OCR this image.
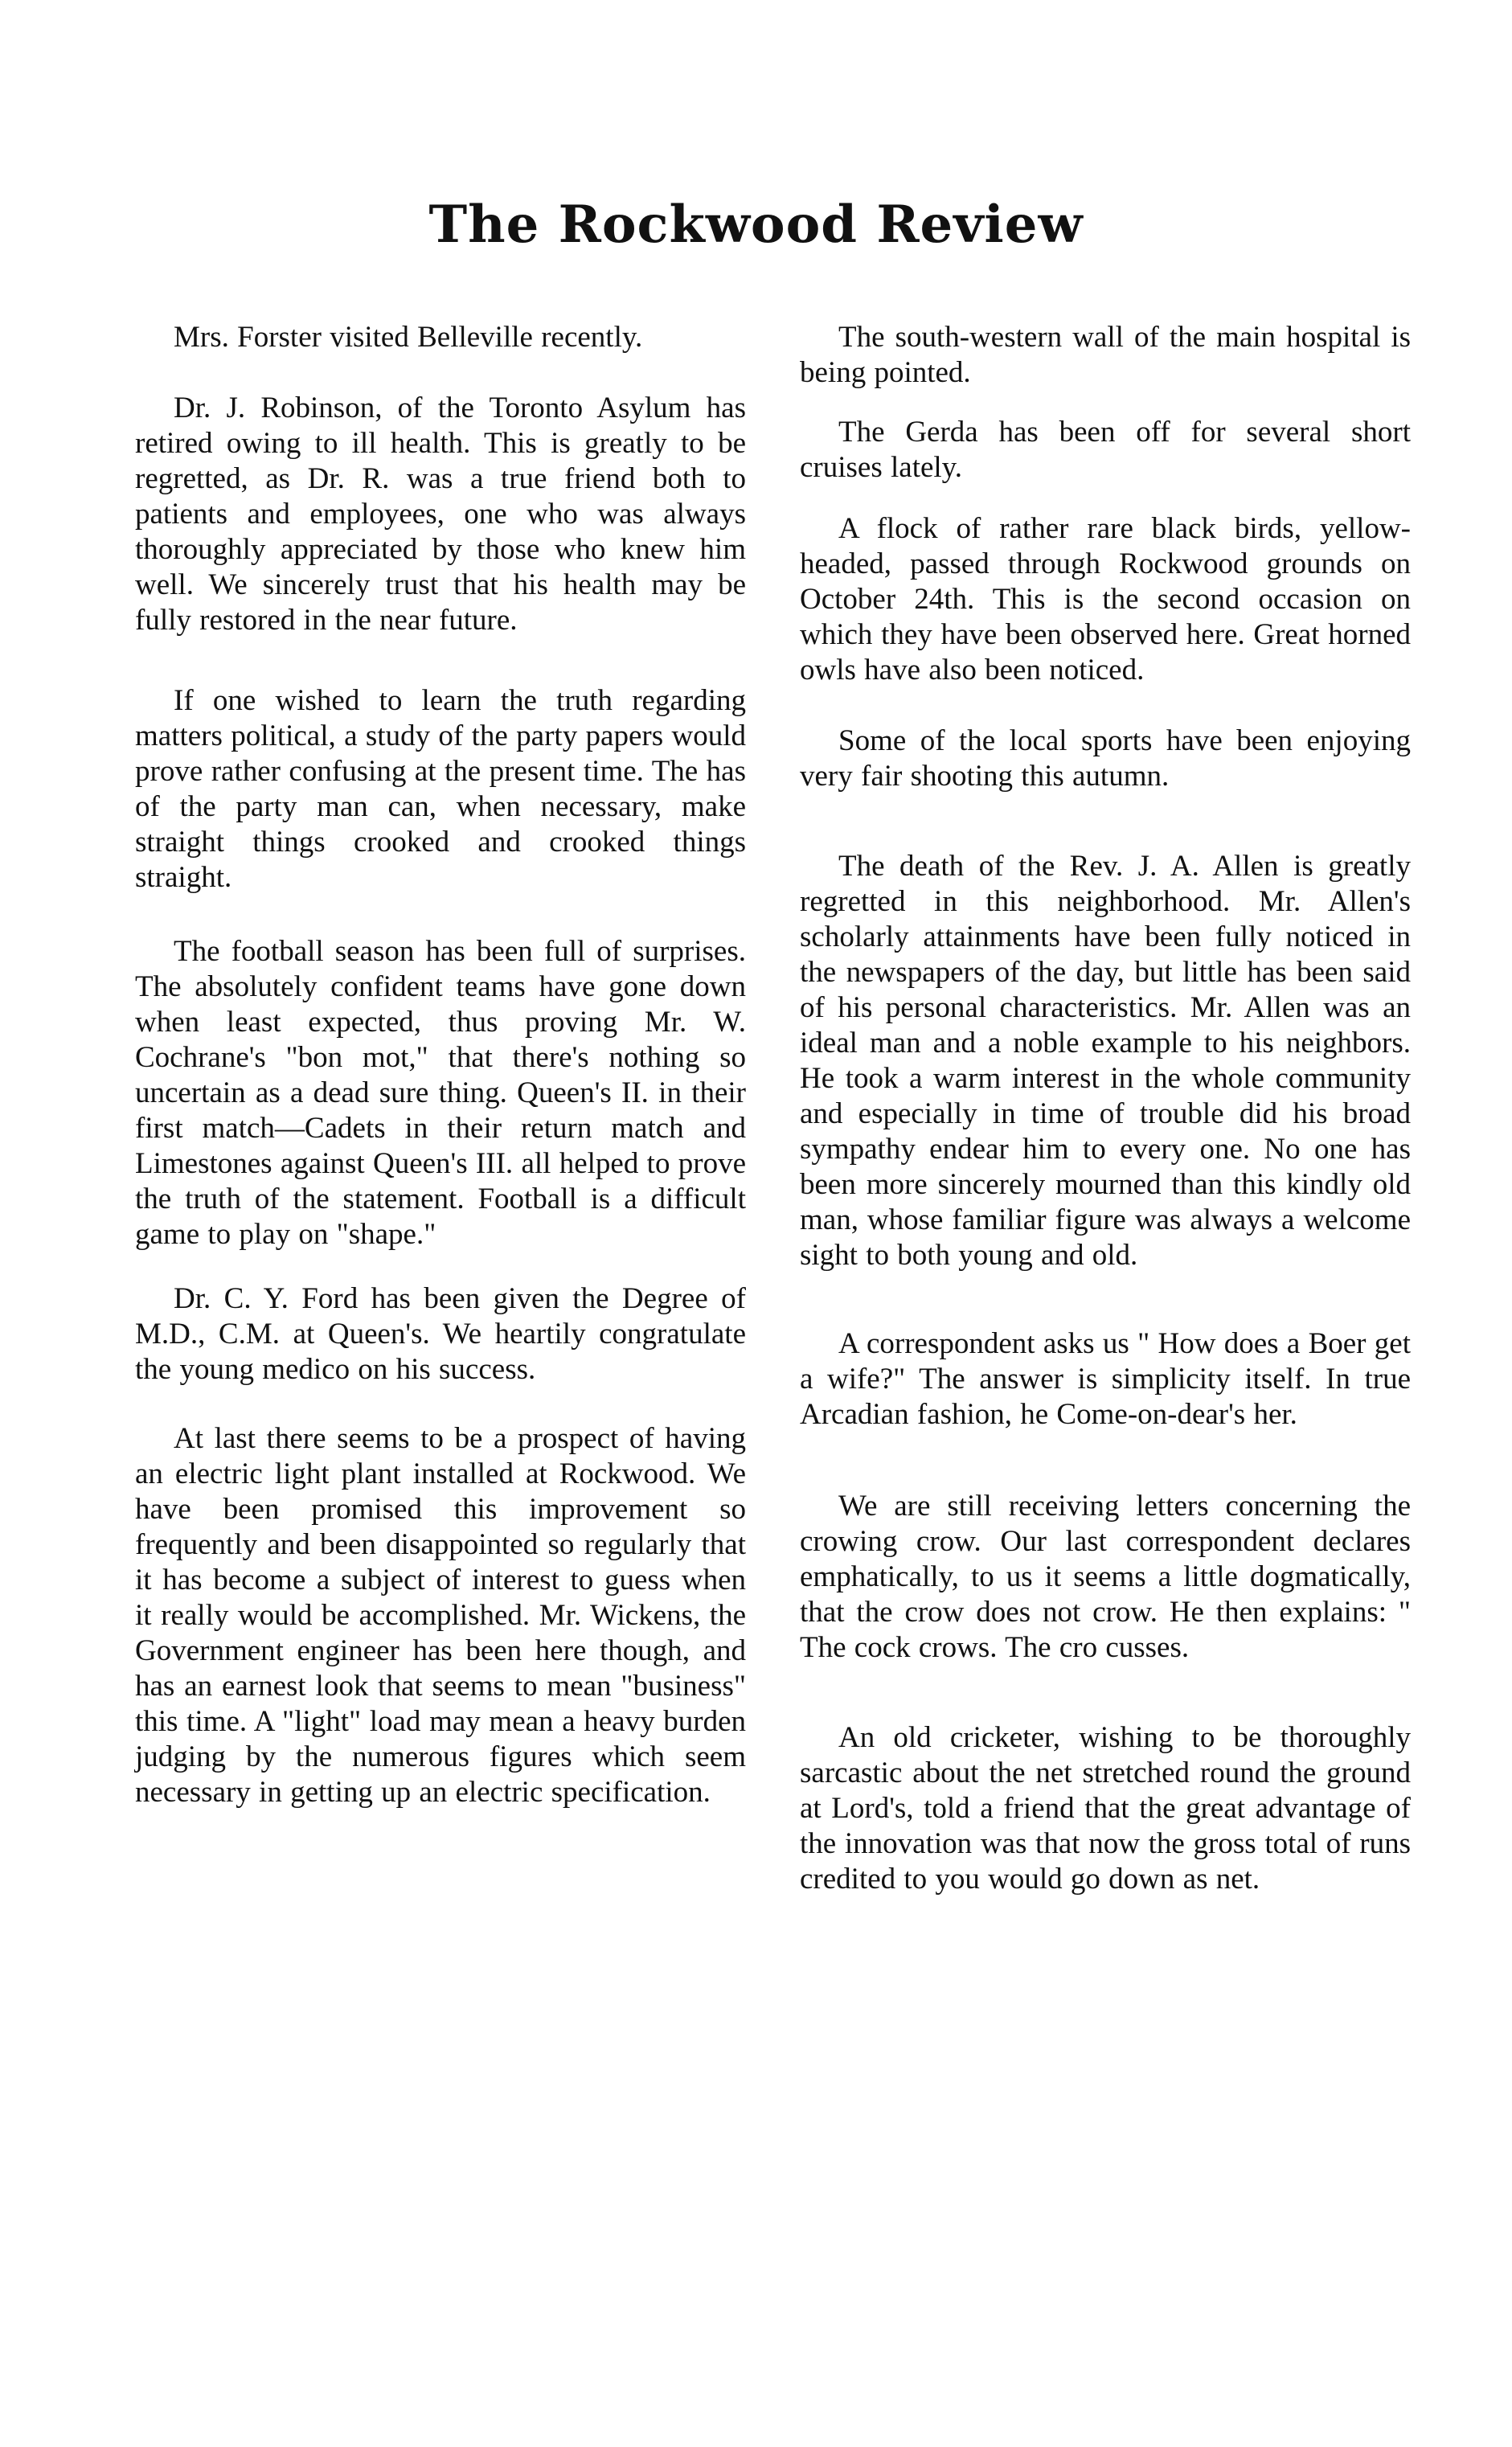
The Rockwood Review

Mrs. Forster visited Belleville recently.

Dr. J. Robinson, of the Toronto Asylum has retired owing to ill health. This is greatly to be regretted, as Dr. R. was a true friend both to patients and employees, one who was always thoroughly appreciated by those who knew him well. We sincerely trust that his health may be fully restored in the near future.

If one wished to learn the truth regarding matters political, a study of the party papers would prove rather confusing at the present time. The has of the party man can, when necessary, make straight things crooked and crooked things straight.

The football season has been full of surprises. The absolutely confident teams have gone down when least expected, thus proving Mr. W. Cochrane's "bon mot," that there's nothing so uncertain as a dead sure thing. Queen's II. in their first match—Cadets in their return match and Limestones against Queen's III. all helped to prove the truth of the statement. Football is a difficult game to play on "shape."

Dr. C. Y. Ford has been given the Degree of M.D., C.M. at Queen's. We heartily congratulate the young medico on his success.

At last there seems to be a prospect of having an electric light plant installed at Rockwood. We have been promised this improvement so frequently and been disappointed so regularly that it has become a subject of interest to guess when it really would be accomplished. Mr. Wickens, the Government engineer has been here though, and has an earnest look that seems to mean "business" this time. A "light" load may mean a heavy burden judging by the numerous figures which seem necessary in getting up an electric specification.

The south-western wall of the main hospital is being pointed.

The Gerda has been off for several short cruises lately.

A flock of rather rare black birds, yellow-headed, passed through Rockwood grounds on October 24th. This is the second occasion on which they have been observed here. Great horned owls have also been noticed.

Some of the local sports have been enjoying very fair shooting this autumn.

The death of the Rev. J. A. Allen is greatly regretted in this neighborhood. Mr. Allen's scholarly attainments have been fully noticed in the newspapers of the day, but little has been said of his personal characteristics. Mr. Allen was an ideal man and a noble example to his neighbors. He took a warm interest in the whole community and especially in time of trouble did his broad sympathy endear him to every one. No one has been more sincerely mourned than this kindly old man, whose familiar figure was always a welcome sight to both young and old.

A correspondent asks us " How does a Boer get a wife?" The answer is simplicity itself. In true Arcadian fashion, he Come-on-dear's her.

We are still receiving letters concerning the crowing crow. Our last correspondent declares emphatically, to us it seems a little dogmatically, that the crow does not crow. He then explains: " The cock crows. The cro cusses.

An old cricketer, wishing to be thoroughly sarcastic about the net stretched round the ground at Lord's, told a friend that the great advantage of the innovation was that now the gross total of runs credited to you would go down as net.
